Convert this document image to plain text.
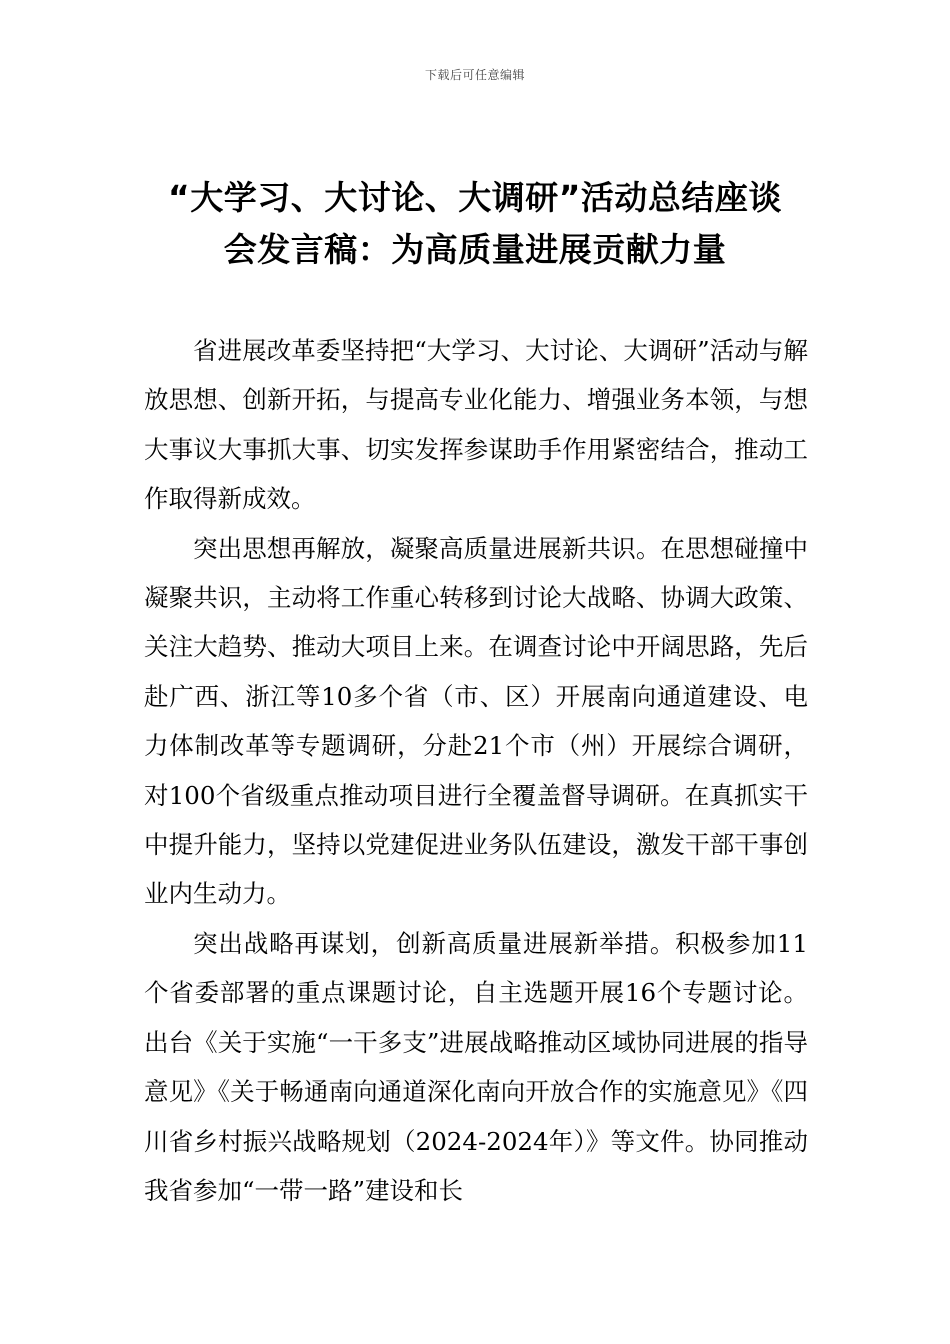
下载后可任意编辑
“大学习、大讨论、大调研”活动总结座谈
会发言稿：为高质量进展贡献力量

省进展改革委坚持把“大学习、大讨论、大调研”活动与解放思想、创新开拓，与提高专业化能力、增强业务本领，与想大事议大事抓大事、切实发挥参谋助手作用紧密结合，推动工作取得新成效。

突出思想再解放，凝聚高质量进展新共识。在思想碰撞中凝聚共识，主动将工作重心转移到讨论大战略、协调大政策、关注大趋势、推动大项目上来。在调查讨论中开阔思路，先后赴广西、浙江等10多个省（市、区）开展南向通道建设、电力体制改革等专题调研，分赴21个市（州）开展综合调研，对100个省级重点推动项目进行全覆盖督导调研。在真抓实干中提升能力，坚持以党建促进业务队伍建设，激发干部干事创业内生动力。

突出战略再谋划，创新高质量进展新举措。积极参加11个省委部署的重点课题讨论，自主选题开展16个专题讨论。出台《关于实施“一干多支”进展战略推动区域协同进展的指导意见》《关于畅通南向通道深化南向开放合作的实施意见》《四川省乡村振兴战略规划（2024-2024年）》等文件。协同推动我省参加“一带一路”建设和长
